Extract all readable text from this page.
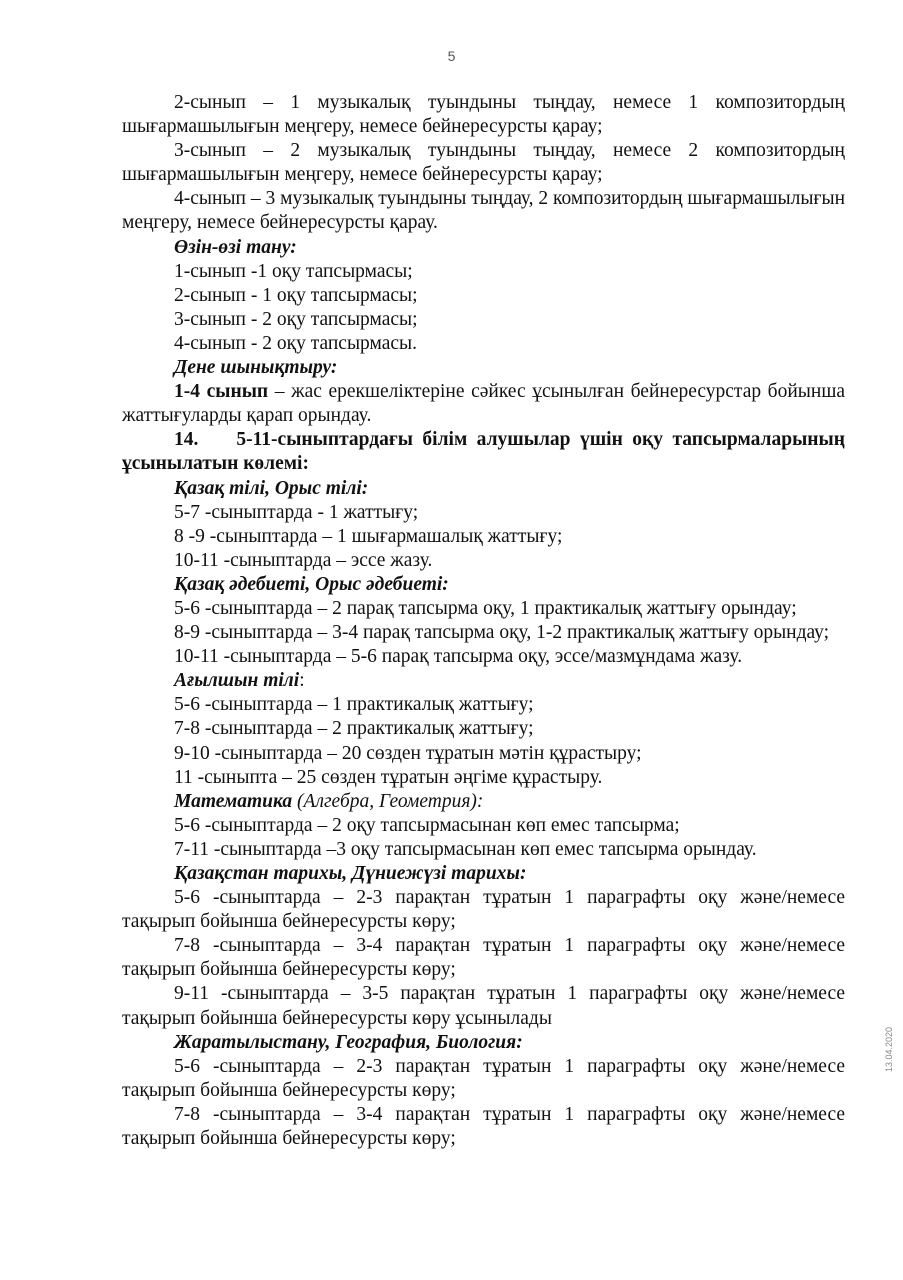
5
13.04.2020

2-сынып – 1 музыкалық туындыны тыңдау, немесе 1 композитордың шығармашылығын меңгеру, немесе бейнересурсты қарау;

3-сынып – 2 музыкалық туындыны тыңдау, немесе 2 композитордың шығармашылығын меңгеру, немесе бейнересурсты қарау;

4-сынып – 3 музыкалық туындыны тыңдау, 2 композитордың шығармашылығын меңгеру, немесе бейнересурсты қарау.

Өзін-өзі тану:

1-сынып -1 оқу тапсырмасы;

2-сынып - 1 оқу тапсырмасы;

3-сынып - 2 оқу тапсырмасы;

4-сынып - 2 оқу тапсырмасы.

Дене шынықтыру:

1-4 сынып – жас ерекшеліктеріне сәйкес ұсынылған бейнересурстар бойынша жаттығуларды қарап орындау.

14. 5-11-сыныптардағы білім алушылар үшін оқу тапсырмаларының ұсынылатын көлемі:

Қазақ тілі, Орыс тілі:

5-7 -сыныптарда - 1 жаттығу;

8 -9 -сыныптарда – 1 шығармашалық жаттығу;

10-11 -сыныптарда – эссе жазу.

Қазақ әдебиеті, Орыс әдебиеті:

5-6 -сыныптарда – 2 парақ тапсырма оқу, 1 практикалық жаттығу орындау;

8-9 -сыныптарда – 3-4 парақ тапсырма оқу, 1-2 практикалық жаттығу орындау;

10-11 -сыныптарда – 5-6 парақ тапсырма оқу, эссе/мазмұндама жазу.

Ағылшын тілі:

5-6 -сыныптарда – 1 практикалық жаттығу;

7-8 -сыныптарда – 2 практикалық жаттығу;

9-10 -сыныптарда – 20 сөзден тұратын мәтін құрастыру;

11 -сыныпта – 25 сөзден тұратын әңгіме құрастыру.

Математика (Алгебра, Геометрия):

5-6 -сыныптарда – 2 оқу тапсырмасынан көп емес тапсырма;

7-11 -сыныптарда –3 оқу тапсырмасынан көп емес тапсырма орындау.

Қазақстан тарихы, Дүниежүзі тарихы:

5-6 -сыныптарда – 2-3 парақтан тұратын 1 параграфты оқу және/немесе тақырып бойынша бейнересурсты көру;

7-8 -сыныптарда – 3-4 парақтан тұратын 1 параграфты оқу және/немесе тақырып бойынша бейнересурсты көру;

9-11 -сыныптарда – 3-5 парақтан тұратын 1 параграфты оқу және/немесе тақырып бойынша бейнересурсты көру ұсынылады

Жаратылыстану, География, Биология:

5-6 -сыныптарда – 2-3 парақтан тұратын 1 параграфты оқу және/немесе тақырып бойынша бейнересурсты көру;

7-8 -сыныптарда – 3-4 парақтан тұратын 1 параграфты оқу және/немесе тақырып бойынша бейнересурсты көру;
